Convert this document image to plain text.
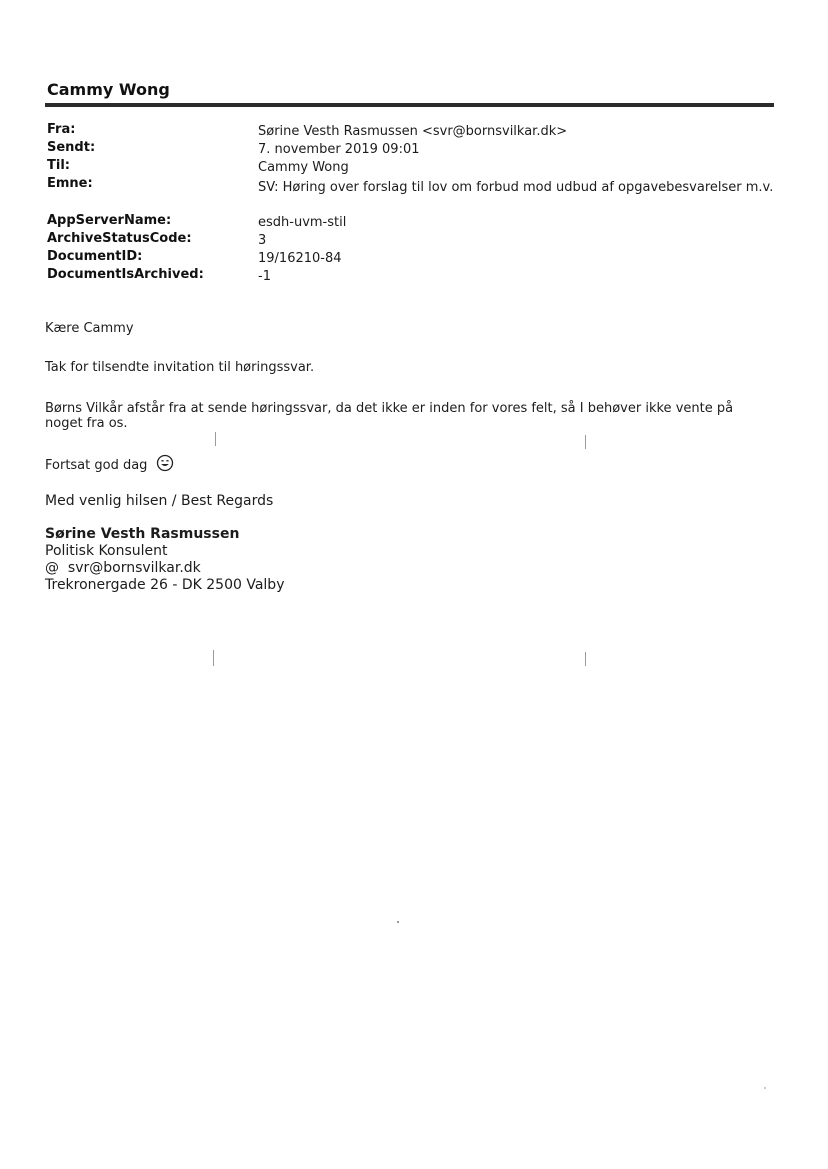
Cammy Wong
Fra:	Sørine Vesth Rasmussen <svr@bornsvilkar.dk>
Sendt:	7. november 2019 09:01
Til:	Cammy Wong
Emne:	SV: Høring over forslag til lov om forbud mod udbud af opgavebesvarelser m.v.
AppServerName:	esdh-uvm-stil
ArchiveStatusCode:	3
DocumentID:	19/16210-84
DocumentIsArchived:	-1
Kære Cammy
Tak for tilsendte invitation til høringssvar.
Børns Vilkår afstår fra at sende høringssvar, da det ikke er inden for vores felt, så I behøver ikke vente på noget fra os.
Fortsat god dag
Med venlig hilsen / Best Regards
Sørine Vesth Rasmussen
Politisk Konsulent
@ svr@bornsvilkar.dk
Trekronergade 26 - DK 2500 Valby
